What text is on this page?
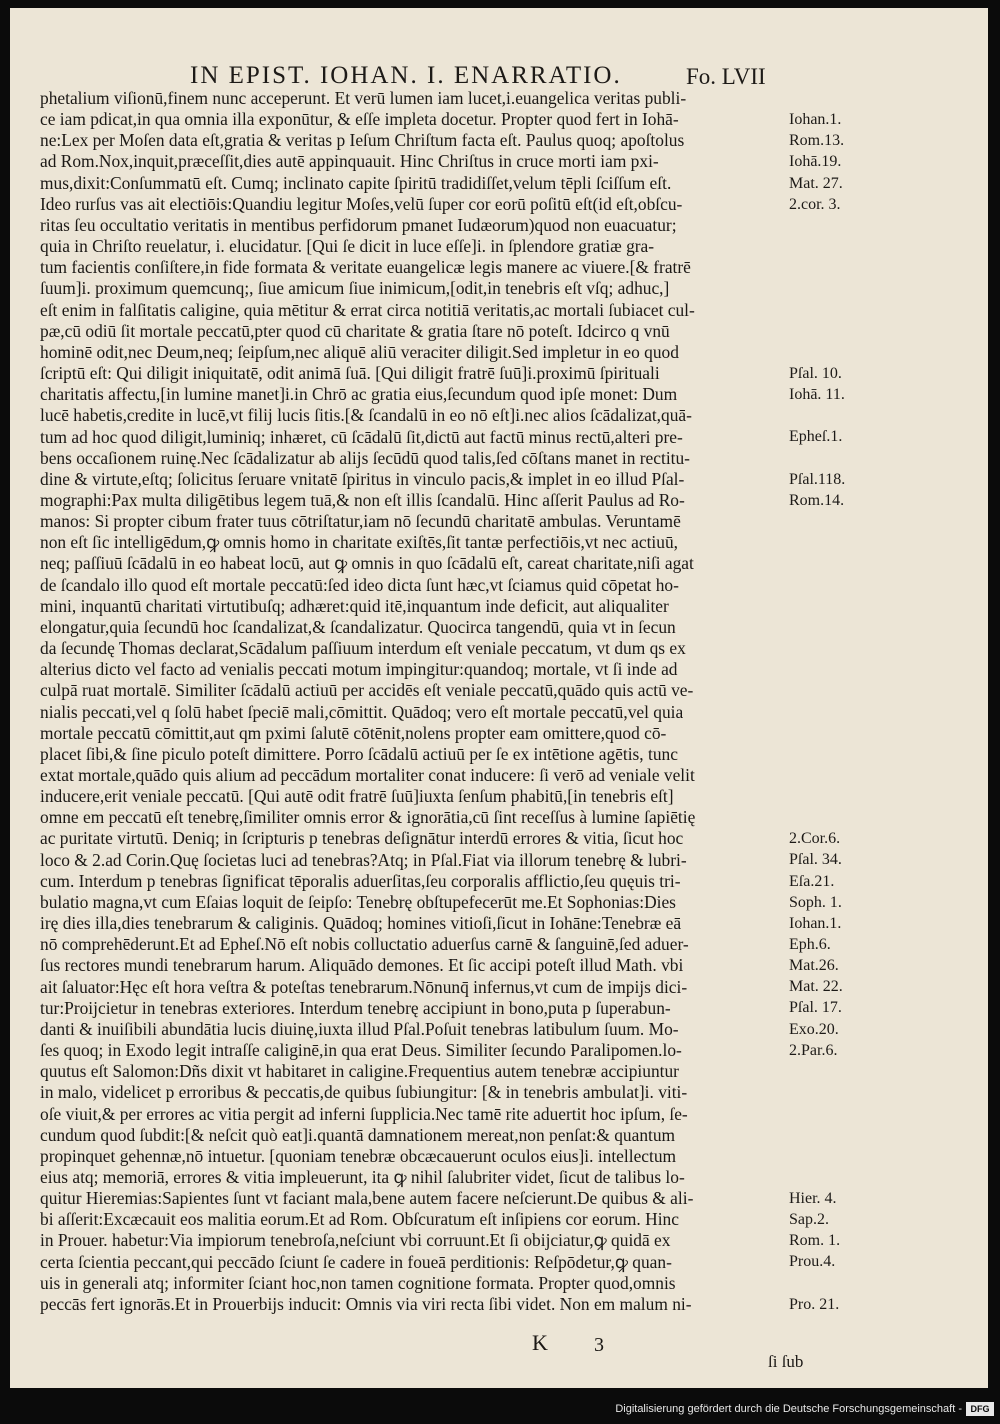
IN EPIST. IOHAN. I. ENARRATIO.	Fo. LVII
phetalium viſionū,finem nunc acceperunt. Et verū lumen iam lucet,i.euangelica veritas publi-
ce iam pdicat,in qua omnia illa exponūtur, & eſſe impleta docetur. Propter quod fert in Iohā-
ne:Lex per Moſen data eſt,gratia & veritas p Ieſum Chriſtum facta eſt. Paulus quoq; apoſtolus
ad Rom.Nox,inquit,præceſſit,dies autē appinquauit. Hinc Chriſtus in cruce morti iam pxi-
mus,dixit:Conſummatū eſt. Cumq; inclinato capite ſpiritū tradidiſſet,velum tēpli ſciſſum eſt.
Ideo rurſus vas ait electiōis:Quandiu legitur Moſes,velū ſuper cor eorū poſitū eſt(id eſt,obſcu-
ritas ſeu occultatio veritatis in mentibus perfidorum pmanet Iudæorum)quod non euacuatur;
quia in Chriſto reuelatur, i. elucidatur. [Qui ſe dicit in luce eſſe]i. in ſplendore gratiæ gra-
tum facientis conſiſtere,in fide formata & veritate euangelicæ legis manere ac viuere.[& fratrē
ſuum]i. proximum quemcunq;, ſiue amicum ſiue inimicum,[odit,in tenebris eſt vſq; adhuc,]
eſt enim in falſitatis caligine, quia mētitur & errat circa notitiā veritatis,ac mortali ſubiacet cul-
pæ,cū odiū ſit mortale peccatū,pter quod cū charitate & gratia ſtare nō poteſt. Idcirco q vnū
hominē odit,nec Deum,neq; ſeipſum,nec aliquē aliū veraciter diligit.Sed impletur in eo quod
ſcriptū eſt: Qui diligit iniquitatē, odit animā ſuā. [Qui diligit fratrē ſuū]i.proximū ſpirituali
charitatis affectu,[in lumine manet]i.in Chrō ac gratia eius,ſecundum quod ipſe monet: Dum
lucē habetis,credite in lucē,vt filij lucis ſitis.[& ſcandalū in eo nō eſt]i.nec alios ſcādalizat,quā-
tum ad hoc quod diligit,luminiq; inhæret, cū ſcādalū ſit,dictū aut factū minus rectū,alteri pre-
bens occaſionem ruinę.Nec ſcādalizatur ab alijs ſecūdū quod talis,ſed cōſtans manet in rectitu-
dine & virtute,eſtq; ſolicitus ſeruare vnitatē ſpiritus in vinculo pacis,& implet in eo illud Pſal-
mographi:Pax multa diligētibus legem tuā,& non eſt illis ſcandalū. Hinc aſſerit Paulus ad Ro-
manos: Si propter cibum frater tuus cōtriſtatur,iam nō ſecundū charitatē ambulas. Veruntamē
non eſt ſic intelligēdum,ꝙ omnis homo in charitate exiſtēs,ſit tantæ perfectiōis,vt nec actiuū,
neq; paſſiuū ſcādalū in eo habeat locū, aut ꝙ omnis in quo ſcādalū eſt, careat charitate,niſi agat
de ſcandalo illo quod eſt mortale peccatū:ſed ideo dicta ſunt hæc,vt ſciamus quid cōpetat ho-
mini, inquantū charitati virtutibuſq; adhæret:quid itē,inquantum inde deficit, aut aliqualiter
elongatur,quia ſecundū hoc ſcandalizat,& ſcandalizatur. Quocirca tangendū, quia vt in ſecun
da ſecundę Thomas declarat,Scādalum paſſiuum interdum eſt veniale peccatum, vt dum qs ex
alterius dicto vel facto ad venialis peccati motum impingitur:quandoq; mortale, vt ſi inde ad
culpā ruat mortalē. Similiter ſcādalū actiuū per accidēs eſt veniale peccatū,quādo quis actū ve-
nialis peccati,vel q ſolū habet ſpeciē mali,cōmittit. Quādoq; vero eſt mortale peccatū,vel quia
mortale peccatū cōmittit,aut qm pximi ſalutē cōtēnit,nolens propter eam omittere,quod cō-
placet ſibi,& ſine piculo poteſt dimittere. Porro ſcādalū actiuū per ſe ex intētione agētis, tunc
extat mortale,quādo quis alium ad peccādum mortaliter conat inducere: ſi verō ad veniale velit
inducere,erit veniale peccatū. [Qui autē odit fratrē ſuū]iuxta ſenſum phabitū,[in tenebris eſt]
omne em peccatū eſt tenebrę,ſimiliter omnis error & ignorātia,cū ſint receſſus à lumine ſapiētię
ac puritate virtutū. Deniq; in ſcripturis p tenebras deſignātur interdū errores & vitia, ſicut hoc
loco & 2.ad Corin.Quę ſocietas luci ad tenebras?Atq; in Pſal.Fiat via illorum tenebrę & lubri-
cum. Interdum p tenebras ſignificat tēporalis aduerſitas,ſeu corporalis afflictio,ſeu quęuis tri-
bulatio magna,vt cum Eſaias loquit de ſeipſo: Tenebrę obſtupefecerūt me.Et Sophonias:Dies
irę dies illa,dies tenebrarum & caliginis. Quādoq; homines vitioſi,ſicut in Iohāne:Tenebræ eā
nō comprehēderunt.Et ad Epheſ.Nō eſt nobis colluctatio aduerſus carnē & ſanguinē,ſed aduer-
ſus rectores mundi tenebrarum harum. Aliquādo demones. Et ſic accipi poteſt illud Math. vbi
ait ſaluator:Hęc eſt hora veſtra & poteſtas tenebrarum.Nōnunq̄ infernus,vt cum de impijs dici-
tur:Proijcietur in tenebras exteriores. Interdum tenebrę accipiunt in bono,puta p ſuperabun-
danti & inuiſibili abundātia lucis diuinę,iuxta illud Pſal.Poſuit tenebras latibulum ſuum. Mo-
ſes quoq; in Exodo legit intraſſe caliginē,in qua erat Deus. Similiter ſecundo Paralipomen.lo-
quutus eſt Salomon:Dñs dixit vt habitaret in caligine.Frequentius autem tenebræ accipiuntur
in malo, videlicet p erroribus & peccatis,de quibus ſubiungitur: [& in tenebris ambulat]i. viti-
oſe viuit,& per errores ac vitia pergit ad inferni ſupplicia.Nec tamē rite aduertit hoc ipſum, ſe-
cundum quod ſubdit:[& neſcit quò eat]i.quantā damnationem mereat,non penſat:& quantum
propinquet gehennæ,nō intuetur. [quoniam tenebræ obcæcauerunt oculos eius]i. intellectum
eius atq; memoriā, errores & vitia impleuerunt, ita ꝙ nihil ſalubriter videt, ſicut de talibus lo-
quitur Hieremias:Sapientes ſunt vt faciant mala,bene autem facere neſcierunt.De quibus & ali-
bi aſſerit:Excæcauit eos malitia eorum.Et ad Rom. Obſcuratum eſt inſipiens cor eorum. Hinc
in Prouer. habetur:Via impiorum tenebroſa,neſciunt vbi corruunt.Et ſi obijciatur,ꝙ quidā ex
certa ſcientia peccant,qui peccādo ſciunt ſe cadere in foueā perditionis: Reſpōdetur,ꝙ quan-
uis in generali atq; informiter ſciant hoc,non tamen cognitione formata. Propter quod,omnis
peccās fert ignorās.Et in Prouerbijs inducit: Omnis via viri recta ſibi videt. Non em malum ni-
Iohan.1.
Rom.13.
Iohā.19.
Mat. 27.
2.cor. 3.
Pſal. 10.
Iohā. 11.
Epheſ.1.
Pſal.118.
Rom.14.
2.Cor.6.
Pſal. 34.
Eſa.21.
Soph. 1.
Iohan.1.
Eph.6.
Mat.26.
Mat. 22.
Pſal. 17.
Exo.20.
2.Par.6.
Hier. 4.
Sap.2.
Rom. 1.
Prou.4.
Pro. 21.
K 3
ſi ſub
Digitalisierung gefördert durch die Deutsche Forschungsgemeinschaft - DFG
